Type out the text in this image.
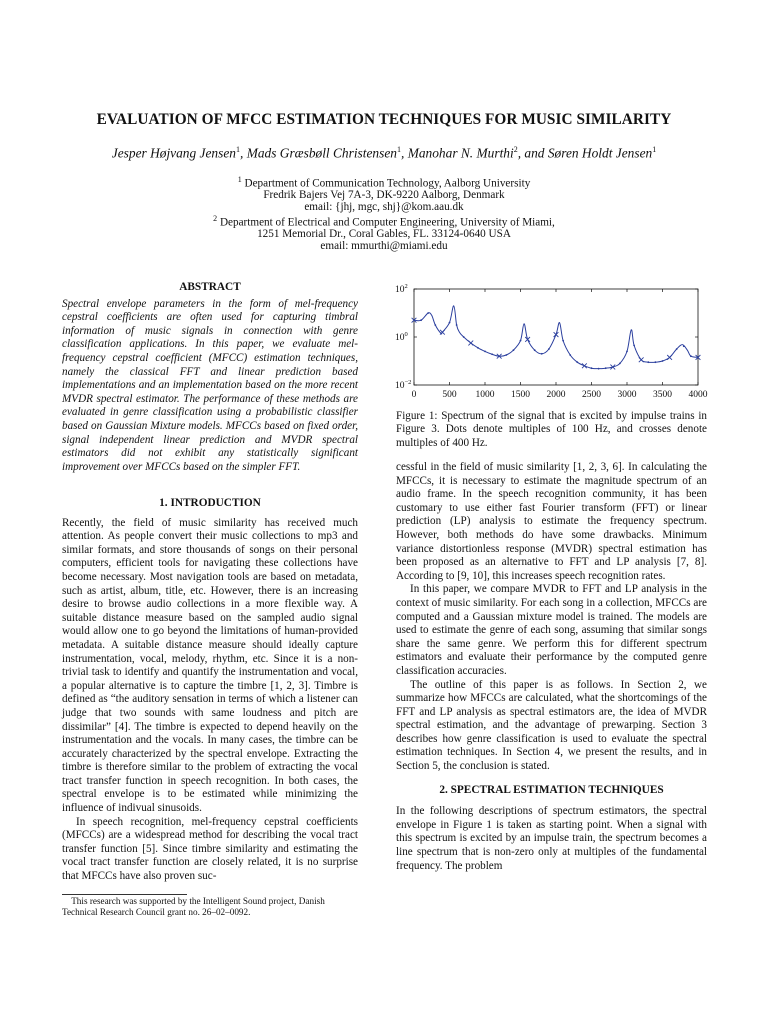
EVALUATION OF MFCC ESTIMATION TECHNIQUES FOR MUSIC SIMILARITY
Jesper Højvang Jensen$^1$, Mads Græsbøll Christensen$^1$, Manohar N. Murthi$^2$, and Søren Holdt Jensen$^1$
$^1$ Department of Communication Technology, Aalborg University
Fredrik Bajers Vej 7A-3, DK-9220 Aalborg, Denmark
email: {jhj, mgc, shj}@kom.aau.dk
$^2$ Department of Electrical and Computer Engineering, University of Miami,
1251 Memorial Dr., Coral Gables, FL. 33124-0640 USA
email: mmurthi@miami.edu
ABSTRACT

Spectral envelope parameters in the form of mel-frequency cepstral coefficients are often used for capturing timbral information of music signals in connection with genre classification applications. In this paper, we evaluate mel-frequency cepstral coefficient (MFCC) estimation techniques, namely the classical FFT and linear prediction based implementations and an implementation based on the more recent MVDR spectral estimator. The performance of these methods are evaluated in genre classification using a probabilistic classifier based on Gaussian Mixture models. MFCCs based on fixed order, signal independent linear prediction and MVDR spectral estimators did not exhibit any statistically significant improvement over MFCCs based on the simpler FFT.

1. INTRODUCTION

Recently, the field of music similarity has received much attention. As people convert their music collections to mp3 and similar formats, and store thousands of songs on their personal computers, efficient tools for navigating these collections have become necessary. Most navigation tools are based on metadata, such as artist, album, title, etc. However, there is an increasing desire to browse audio collections in a more flexible way. A suitable distance measure based on the sampled audio signal would allow one to go beyond the limitations of human-provided metadata. A suitable distance measure should ideally capture instrumentation, vocal, melody, rhythm, etc. Since it is a non-trivial task to identify and quantify the instrumentation and vocal, a popular alternative is to capture the timbre [1, 2, 3]. Timbre is defined as “the auditory sensation in terms of which a listener can judge that two sounds with same loudness and pitch are dissimilar” [4]. The timbre is expected to depend heavily on the instrumentation and the vocals. In many cases, the timbre can be accurately characterized by the spectral envelope. Extracting the timbre is therefore similar to the problem of extracting the vocal tract transfer function in speech recognition. In both cases, the spectral envelope is to be estimated while minimizing the influence of indivual sinusoids.

In speech recognition, mel-frequency cepstral coefficients (MFCCs) are a widespread method for describing the vocal tract transfer function [5]. Since timbre similarity and estimating the vocal tract transfer function are closely related, it is no surprise that MFCCs have also proven suc-

This research was supported by the Intelligent Sound project, Danish Technical Research Council grant no. 26–02–0092.
0	500 1000 1500 2000 2500 3000 3500 4000
$10^2$
$10^0$
$10^{-2}$
Figure 1: Spectrum of the signal that is excited by impulse trains in Figure 3. Dots denote multiples of 100 Hz, and crosses denote multiples of 400 Hz.

cessful in the field of music similarity [1, 2, 3, 6]. In calculating the MFCCs, it is necessary to estimate the magnitude spectrum of an audio frame. In the speech recognition community, it has been customary to use either fast Fourier transform (FFT) or linear prediction (LP) analysis to estimate the frequency spectrum. However, both methods do have some drawbacks. Minimum variance distortionless response (MVDR) spectral estimation has been proposed as an alternative to FFT and LP analysis [7, 8]. According to [9, 10], this increases speech recognition rates.

In this paper, we compare MVDR to FFT and LP analysis in the context of music similarity. For each song in a collection, MFCCs are computed and a Gaussian mixture model is trained. The models are used to estimate the genre of each song, assuming that similar songs share the same genre. We perform this for different spectrum estimators and evaluate their performance by the computed genre classification accuracies.

The outline of this paper is as follows. In Section 2, we summarize how MFCCs are calculated, what the shortcomings of the FFT and LP analysis as spectral estimators are, the idea of MVDR spectral estimation, and the advantage of prewarping. Section 3 describes how genre classification is used to evaluate the spectral estimation techniques. In Section 4, we present the results, and in Section 5, the conclusion is stated.

2. SPECTRAL ESTIMATION TECHNIQUES

In the following descriptions of spectrum estimators, the spectral envelope in Figure 1 is taken as starting point. When a signal with this spectrum is excited by an impulse train, the spectrum becomes a line spectrum that is non-zero only at multiples of the fundamental frequency. The problem
